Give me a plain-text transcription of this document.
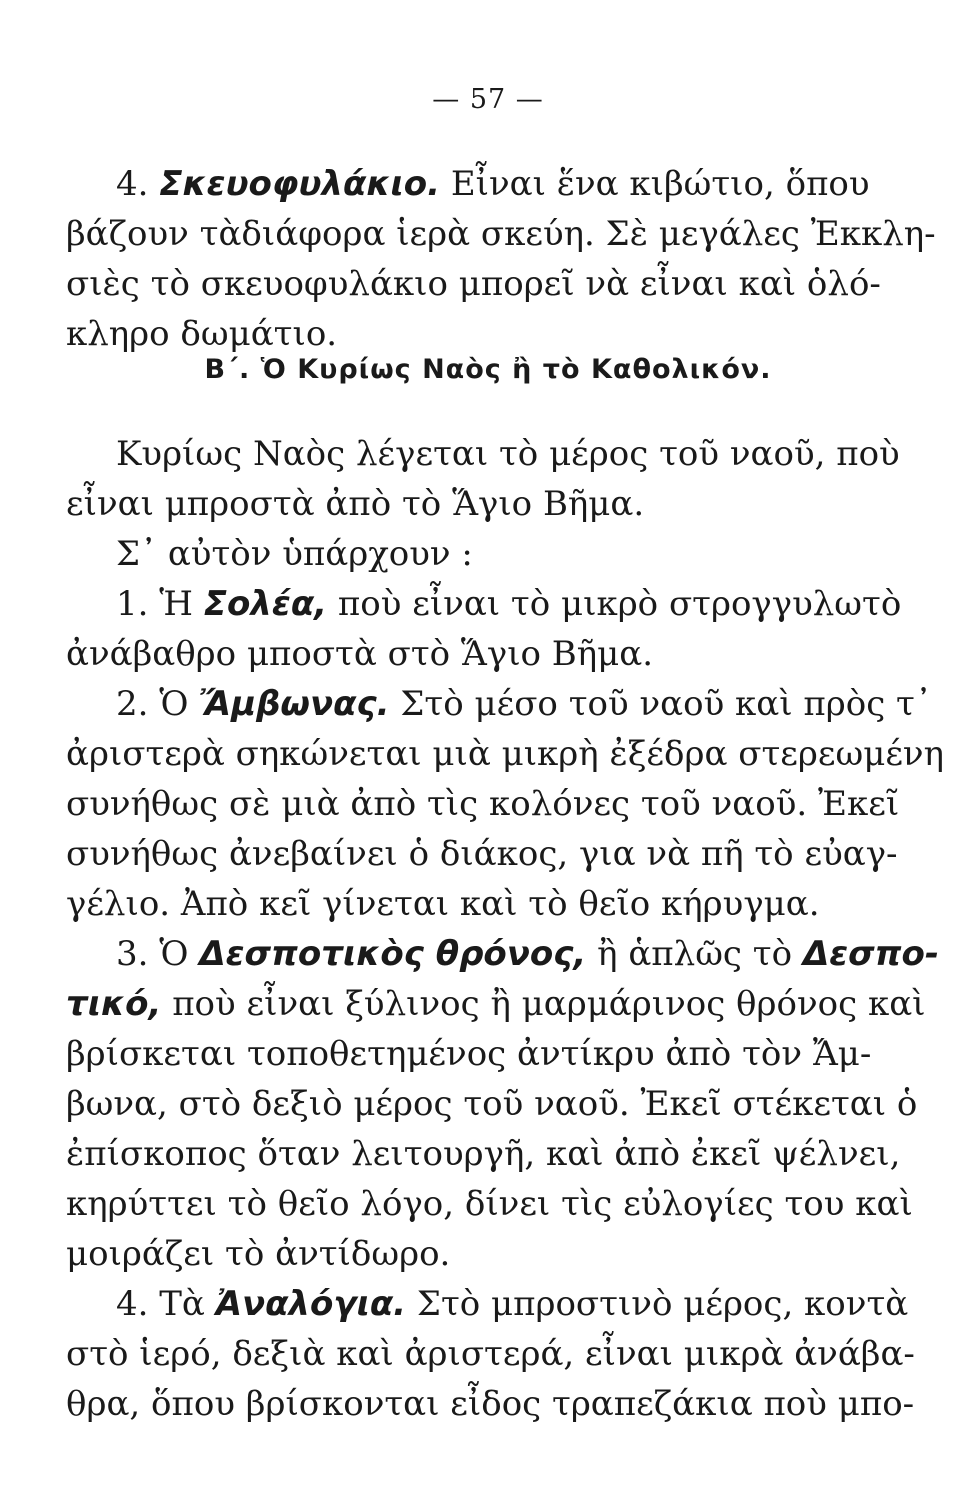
— 57 —
4. Σκευοφυλάκιο. Εἶναι ἕνα κιβώτιο, ὅπου
βάζουν τὰδιάφορα ἱερὰ σκεύη. Σὲ μεγάλες Ἐκκλη-
σιὲς τὸ σκευοφυλάκιο μπορεῖ νὰ εἶναι καὶ ὁλό-
κληρο δωμάτιο.
Β΄. Ὁ Κυρίως Ναὸς ἢ τὸ Καθολικόν.
Κυρίως Ναὸς λέγεται τὸ μέρος τοῦ ναοῦ, ποὺ
εἶναι μπροστὰ ἀπὸ τὸ Ἅγιο Βῆμα.
Σ᾿ αὐτὸν ὑπάρχουν :
1. Ἡ Σολέα, ποὺ εἶναι τὸ μικρὸ στρογγυλωτὸ
ἀνάβαθρο μποστὰ στὸ Ἅγιο Βῆμα.
2. Ὁ Ἄμβωνας. Στὸ μέσο τοῦ ναοῦ καὶ πρὸς τ᾿
ἀριστερὰ σηκώνεται μιὰ μικρὴ ἐξέδρα στερεωμένη
συνήθως σὲ μιὰ ἀπὸ τὶς κολόνες τοῦ ναοῦ. Ἐκεῖ
συνήθως ἀνεβαίνει ὁ διάκος, για νὰ πῆ τὸ εὐαγ-
γέλιο. Ἀπὸ κεῖ γίνεται καὶ τὸ θεῖο κήρυγμα.
3. Ὁ Δεσποτικὸς θρόνος, ἢ ἁπλῶς τὸ Δεσπο-
τικό, ποὺ εἶναι ξύλινος ἢ μαρμάρινος θρόνος καὶ
βρίσκεται τοποθετημένος ἀντίκρυ ἀπὸ τὸν Ἄμ-
βωνα, στὸ δεξιὸ μέρος τοῦ ναοῦ. Ἐκεῖ στέκεται ὁ
ἐπίσκοπος ὅταν λειτουργῆ, καὶ ἀπὸ ἐκεῖ ψέλνει,
κηρύττει τὸ θεῖο λόγο, δίνει τὶς εὐλογίες του καὶ
μοιράζει τὸ ἀντίδωρο.
4. Τὰ Ἀναλόγια. Στὸ μπροστινὸ μέρος, κοντὰ
στὸ ἱερό, δεξιὰ καὶ ἀριστερά, εἶναι μικρὰ ἀνάβα-
θρα, ὅπου βρίσκονται εἶδος τραπεζάκια ποὺ μπο-
